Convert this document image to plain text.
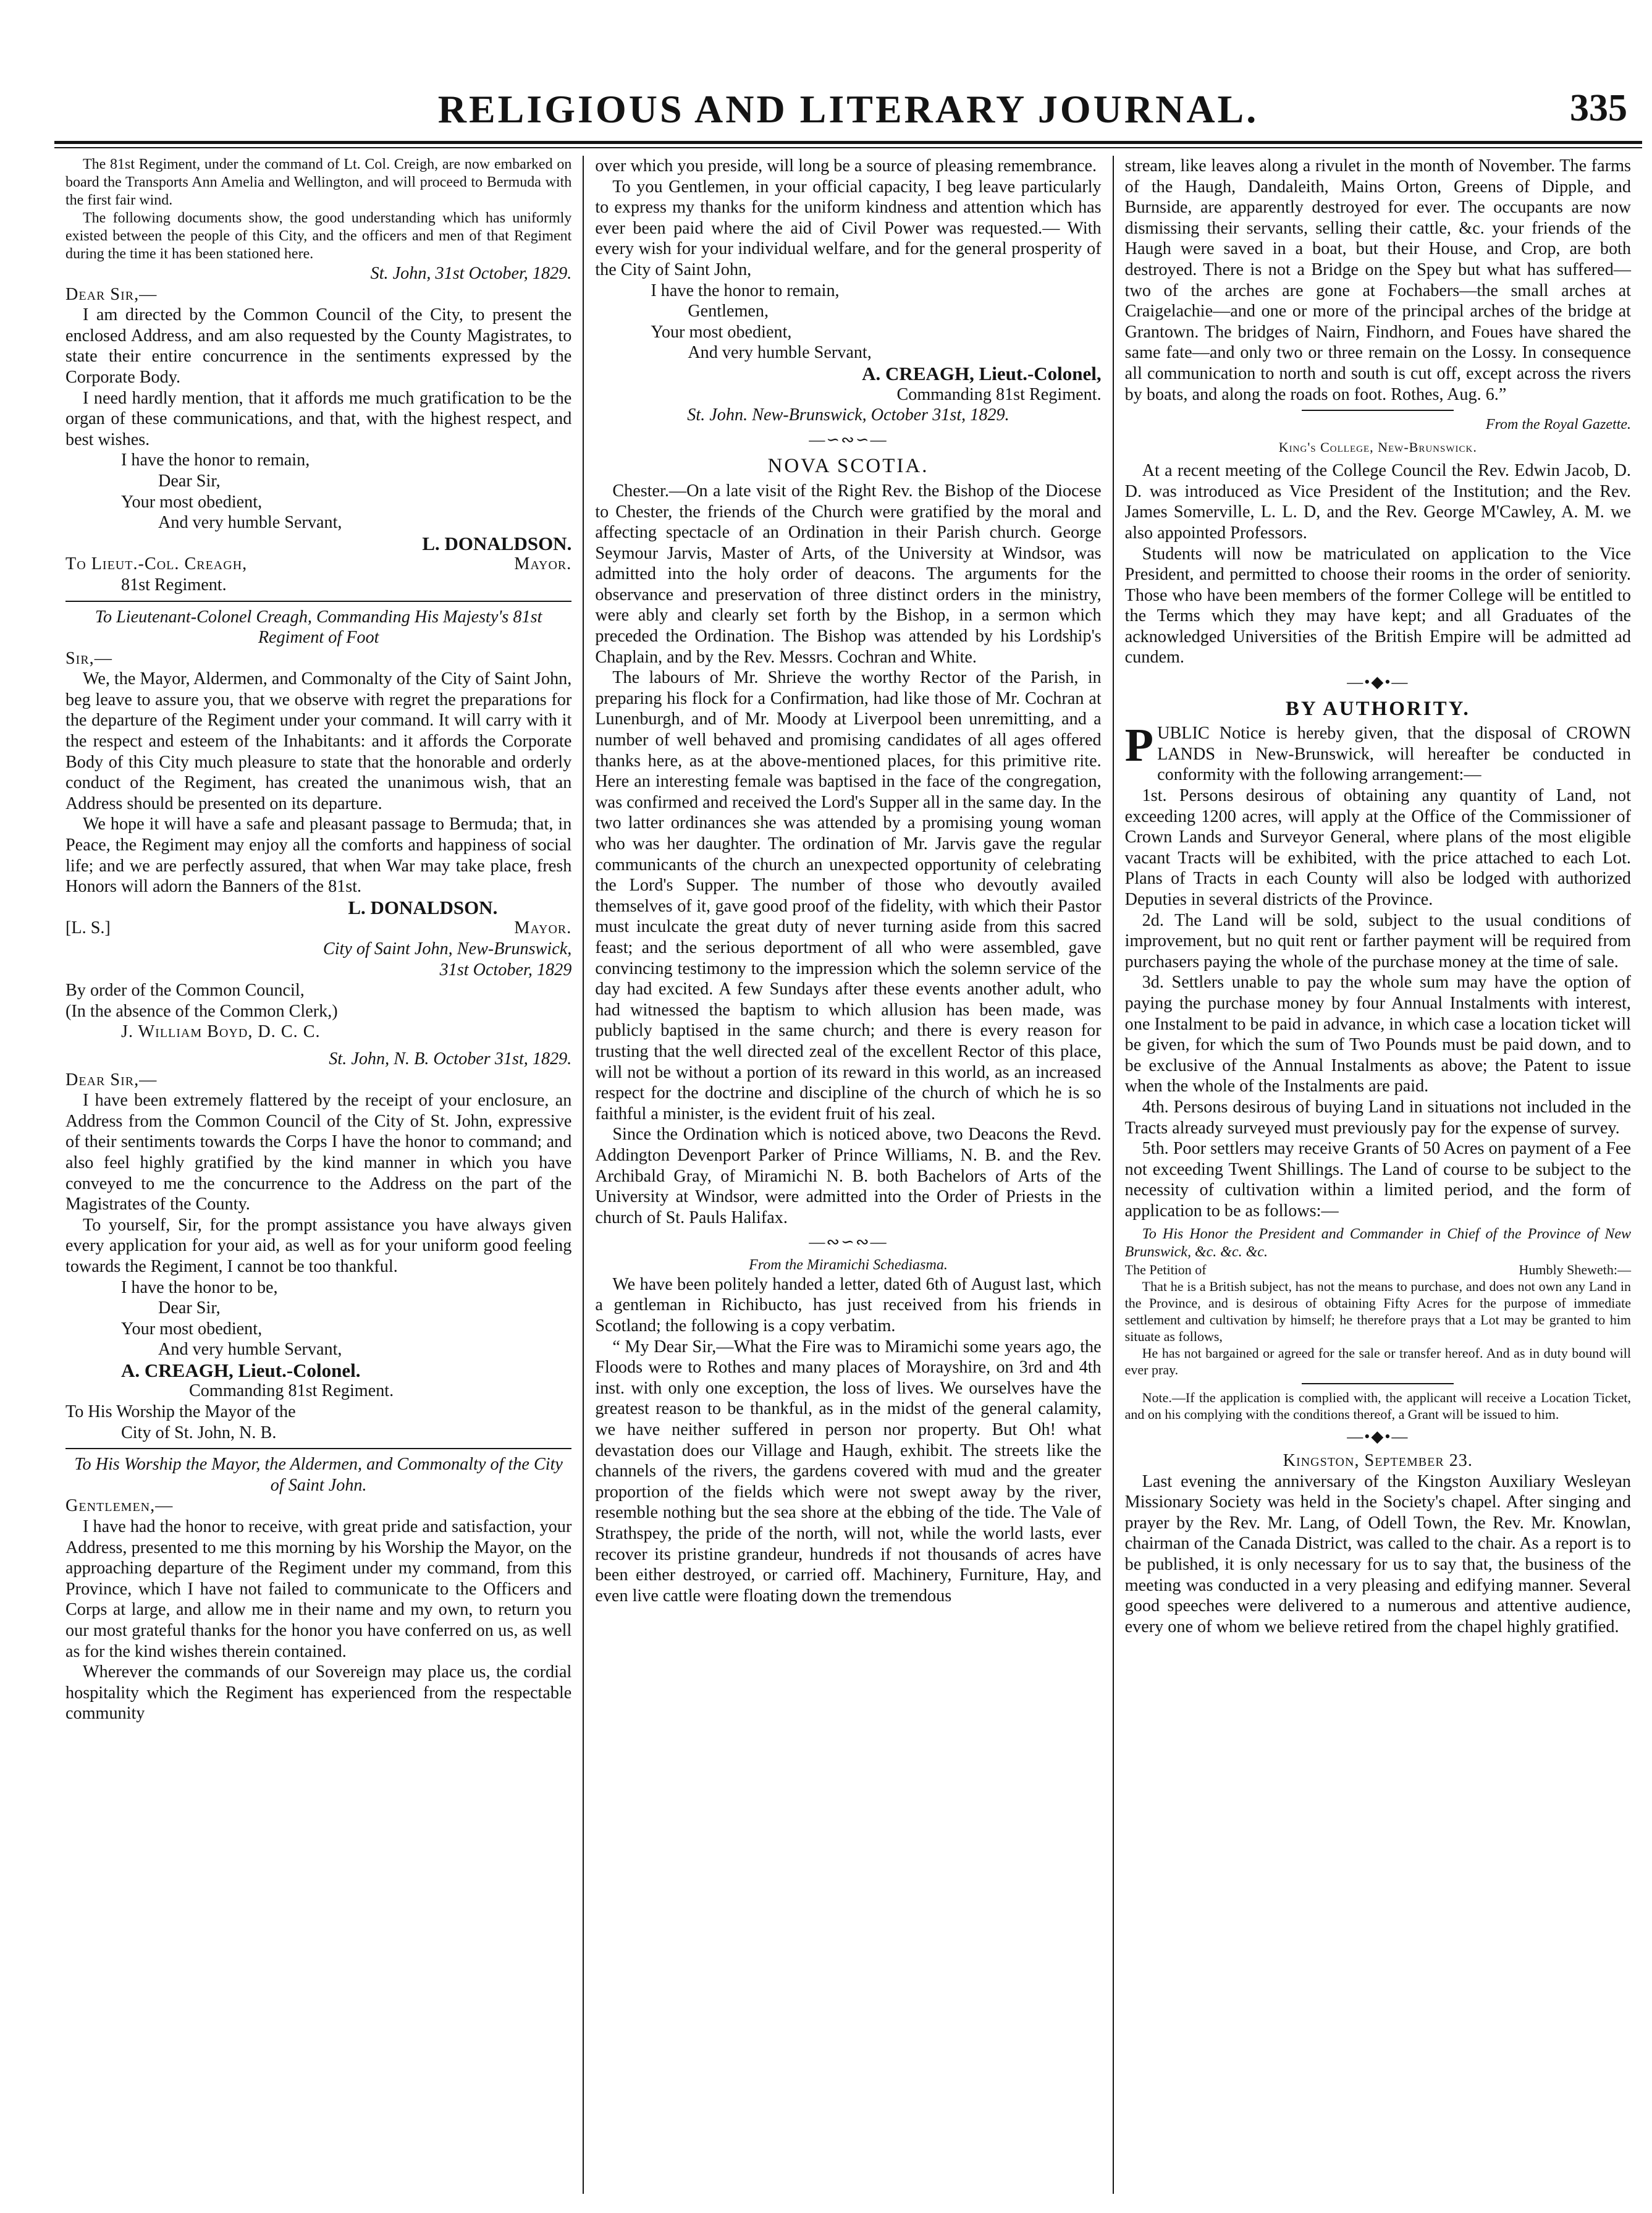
RELIGIOUS AND LITERARY JOURNAL.	335

The 81st Regiment, under the command of Lt. Col. Creigh, are now embarked on board the Transports Ann Amelia and Wellington, and will proceed to Bermuda with the first fair wind.

The following documents show, the good understanding which has uniformly existed between the people of this City, and the officers and men of that Regiment during the time it has been stationed here.

St. John, 31st October, 1829.

Dear Sir,—

I am directed by the Common Council of the City, to present the enclosed Address, and am also requested by the County Magistrates, to state their entire concurrence in the sentiments expressed by the Corporate Body.

I need hardly mention, that it affords me much gratification to be the organ of these communications, and that, with the highest respect, and best wishes.

I have the honor to remain,

Dear Sir,

Your most obedient,

And very humble Servant,

L. DONALDSON.

To Lieut.-Col. Creagh,	Mayor.

81st Regiment.

To Lieutenant-Colonel Creagh, Commanding His Majesty's 81st Regiment of Foot

Sir,—

We, the Mayor, Aldermen, and Commonalty of the City of Saint John, beg leave to assure you, that we observe with regret the preparations for the departure of the Regiment under your command. It will carry with it the respect and esteem of the Inhabitants: and it affords the Corporate Body of this City much pleasure to state that the honorable and orderly conduct of the Regiment, has created the unanimous wish, that an Address should be presented on its departure.

We hope it will have a safe and pleasant passage to Bermuda; that, in Peace, the Regiment may enjoy all the comforts and happiness of social life; and we are perfectly assured, that when War may take place, fresh Honors will adorn the Banners of the 81st.

L. DONALDSON.

[L. S.]	Mayor.

City of Saint John, New-Brunswick,

31st October, 1829

By order of the Common Council,

(In the absence of the Common Clerk,)

J. William Boyd, D. C. C.

St. John, N. B. October 31st, 1829.

Dear Sir,—

I have been extremely flattered by the receipt of your enclosure, an Address from the Common Council of the City of St. John, expressive of their sentiments towards the Corps I have the honor to command; and also feel highly gratified by the kind manner in which you have conveyed to me the concurrence to the Address on the part of the Magistrates of the County.

To yourself, Sir, for the prompt assistance you have always given every application for your aid, as well as for your uniform good feeling towards the Regiment, I cannot be too thankful.

I have the honor to be,

Dear Sir,

Your most obedient,

And very humble Servant,

A. CREAGH, Lieut.-Colonel.

Commanding 81st Regiment.

To His Worship the Mayor of the

City of St. John, N. B.

To His Worship the Mayor, the Aldermen, and Commonalty of the City of Saint John.

Gentlemen,—

I have had the honor to receive, with great pride and satisfaction, your Address, presented to me this morning by his Worship the Mayor, on the approaching departure of the Regiment under my command, from this Province, which I have not failed to communicate to the Officers and Corps at large, and allow me in their name and my own, to return you our most grateful thanks for the honor you have conferred on us, as well as for the kind wishes therein contained.

Wherever the commands of our Sovereign may place us, the cordial hospitality which the Regiment has experienced from the respectable community

over which you preside, will long be a source of pleasing remembrance.

To you Gentlemen, in your official capacity, I beg leave particularly to express my thanks for the uniform kindness and attention which has ever been paid where the aid of Civil Power was requested.— With every wish for your individual welfare, and for the general prosperity of the City of Saint John,

I have the honor to remain,

Gentlemen,

Your most obedient,

And very humble Servant,

A. CREAGH, Lieut.-Colonel,

Commanding 81st Regiment.

St. John. New-Brunswick, October 31st, 1829.

—∽∾∽—

NOVA SCOTIA.

Chester.—On a late visit of the Right Rev. the Bishop of the Diocese to Chester, the friends of the Church were gratified by the moral and affecting spectacle of an Ordination in their Parish church. George Seymour Jarvis, Master of Arts, of the University at Windsor, was admitted into the holy order of deacons. The arguments for the observance and preservation of three distinct orders in the ministry, were ably and clearly set forth by the Bishop, in a sermon which preceded the Ordination. The Bishop was attended by his Lordship's Chaplain, and by the Rev. Messrs. Cochran and White.

The labours of Mr. Shrieve the worthy Rector of the Parish, in preparing his flock for a Confirmation, had like those of Mr. Cochran at Lunenburgh, and of Mr. Moody at Liverpool been unremitting, and a number of well behaved and promising candidates of all ages offered thanks here, as at the above-mentioned places, for this primitive rite. Here an interesting female was baptised in the face of the congregation, was confirmed and received the Lord's Supper all in the same day. In the two latter ordinances she was attended by a promising young woman who was her daughter. The ordination of Mr. Jarvis gave the regular communicants of the church an unexpected opportunity of celebrating the Lord's Supper. The number of those who devoutly availed themselves of it, gave good proof of the fidelity, with which their Pastor must inculcate the great duty of never turning aside from this sacred feast; and the serious deportment of all who were assembled, gave convincing testimony to the impression which the solemn service of the day had excited. A few Sundays after these events another adult, who had witnessed the baptism to which allusion has been made, was publicly baptised in the same church; and there is every reason for trusting that the well directed zeal of the excellent Rector of this place, will not be without a portion of its reward in this world, as an increased respect for the doctrine and discipline of the church of which he is so faithful a minister, is the evident fruit of his zeal.

Since the Ordination which is noticed above, two Deacons the Revd. Addington Devenport Parker of Prince Williams, N. B. and the Rev. Archibald Gray, of Miramichi N. B. both Bachelors of Arts of the University at Windsor, were admitted into the Order of Priests in the church of St. Pauls Halifax.

—∾∽∾—

From the Miramichi Schediasma.

We have been politely handed a letter, dated 6th of August last, which a gentleman in Richibucto, has just received from his friends in Scotland; the following is a copy verbatim.

“ My Dear Sir,—What the Fire was to Miramichi some years ago, the Floods were to Rothes and many places of Morayshire, on 3rd and 4th inst. with only one exception, the loss of lives. We ourselves have the greatest reason to be thankful, as in the midst of the general calamity, we have neither suffered in person nor property. But Oh! what devastation does our Village and Haugh, exhibit. The streets like the channels of the rivers, the gardens covered with mud and the greater proportion of the fields which were not swept away by the river, resemble nothing but the sea shore at the ebbing of the tide. The Vale of Strathspey, the pride of the north, will not, while the world lasts, ever recover its pristine grandeur, hundreds if not thousands of acres have been either destroyed, or carried off. Machinery, Furniture, Hay, and even live cattle were floating down the tremendous

stream, like leaves along a rivulet in the month of November. The farms of the Haugh, Dandaleith, Mains Orton, Greens of Dipple, and Burnside, are apparently destroyed for ever. The occupants are now dismissing their servants, selling their cattle, &c. your friends of the Haugh were saved in a boat, but their House, and Crop, are both destroyed. There is not a Bridge on the Spey but what has suffered—two of the arches are gone at Fochabers—the small arches at Craigelachie—and one or more of the principal arches of the bridge at Grantown. The bridges of Nairn, Findhorn, and Foues have shared the same fate—and only two or three remain on the Lossy. In consequence all communication to north and south is cut off, except across the rivers by boats, and along the roads on foot. Rothes, Aug. 6.”

From the Royal Gazette.

King's College, New-Brunswick.

At a recent meeting of the College Council the Rev. Edwin Jacob, D. D. was introduced as Vice President of the Institution; and the Rev. James Somerville, L. L. D, and the Rev. George M'Cawley, A. M. we also appointed Professors.

Students will now be matriculated on application to the Vice President, and permitted to choose their rooms in the order of seniority. Those who have been members of the former College will be entitled to the Terms which they may have kept; and all Graduates of the acknowledged Universities of the British Empire will be admitted ad cundem.

—•◆•—

BY AUTHORITY.

P UBLIC Notice is hereby given, that the disposal of CROWN LANDS in New-Brunswick, will hereafter be conducted in conformity with the following arrangement:—

1st. Persons desirous of obtaining any quantity of Land, not exceeding 1200 acres, will apply at the Office of the Commissioner of Crown Lands and Surveyor General, where plans of the most eligible vacant Tracts will be exhibited, with the price attached to each Lot. Plans of Tracts in each County will also be lodged with authorized Deputies in several districts of the Province.

2d. The Land will be sold, subject to the usual conditions of improvement, but no quit rent or farther payment will be required from purchasers paying the whole of the purchase money at the time of sale.

3d. Settlers unable to pay the whole sum may have the option of paying the purchase money by four Annual Instalments with interest, one Instalment to be paid in advance, in which case a location ticket will be given, for which the sum of Two Pounds must be paid down, and to be exclusive of the Annual Instalments as above; the Patent to issue when the whole of the Instalments are paid.

4th. Persons desirous of buying Land in situations not included in the Tracts already surveyed must previously pay for the expense of survey.

5th. Poor settlers may receive Grants of 50 Acres on payment of a Fee not exceeding Twent Shillings. The Land of course to be subject to the necessity of cultivation within a limited period, and the form of application to be as follows:—

To His Honor the President and Commander in Chief of the Province of New Brunswick, &c. &c. &c.

The Petition of	Humbly Sheweth:—

That he is a British subject, has not the means to purchase, and does not own any Land in the Province, and is desirous of obtaining Fifty Acres for the purpose of immediate settlement and cultivation by himself; he therefore prays that a Lot may be granted to him situate as follows,

He has not bargained or agreed for the sale or transfer hereof. And as in duty bound will ever pray.

Note.—If the application is complied with, the applicant will receive a Location Ticket, and on his complying with the conditions thereof, a Grant will be issued to him.

—•◆•—

Kingston, September 23.

Last evening the anniversary of the Kingston Auxiliary Wesleyan Missionary Society was held in the Society's chapel. After singing and prayer by the Rev. Mr. Lang, of Odell Town, the Rev. Mr. Knowlan, chairman of the Canada District, was called to the chair. As a report is to be published, it is only necessary for us to say that, the business of the meeting was conducted in a very pleasing and edifying manner. Several good speeches were delivered to a numerous and attentive audience, every one of whom we believe retired from the chapel highly gratified.
